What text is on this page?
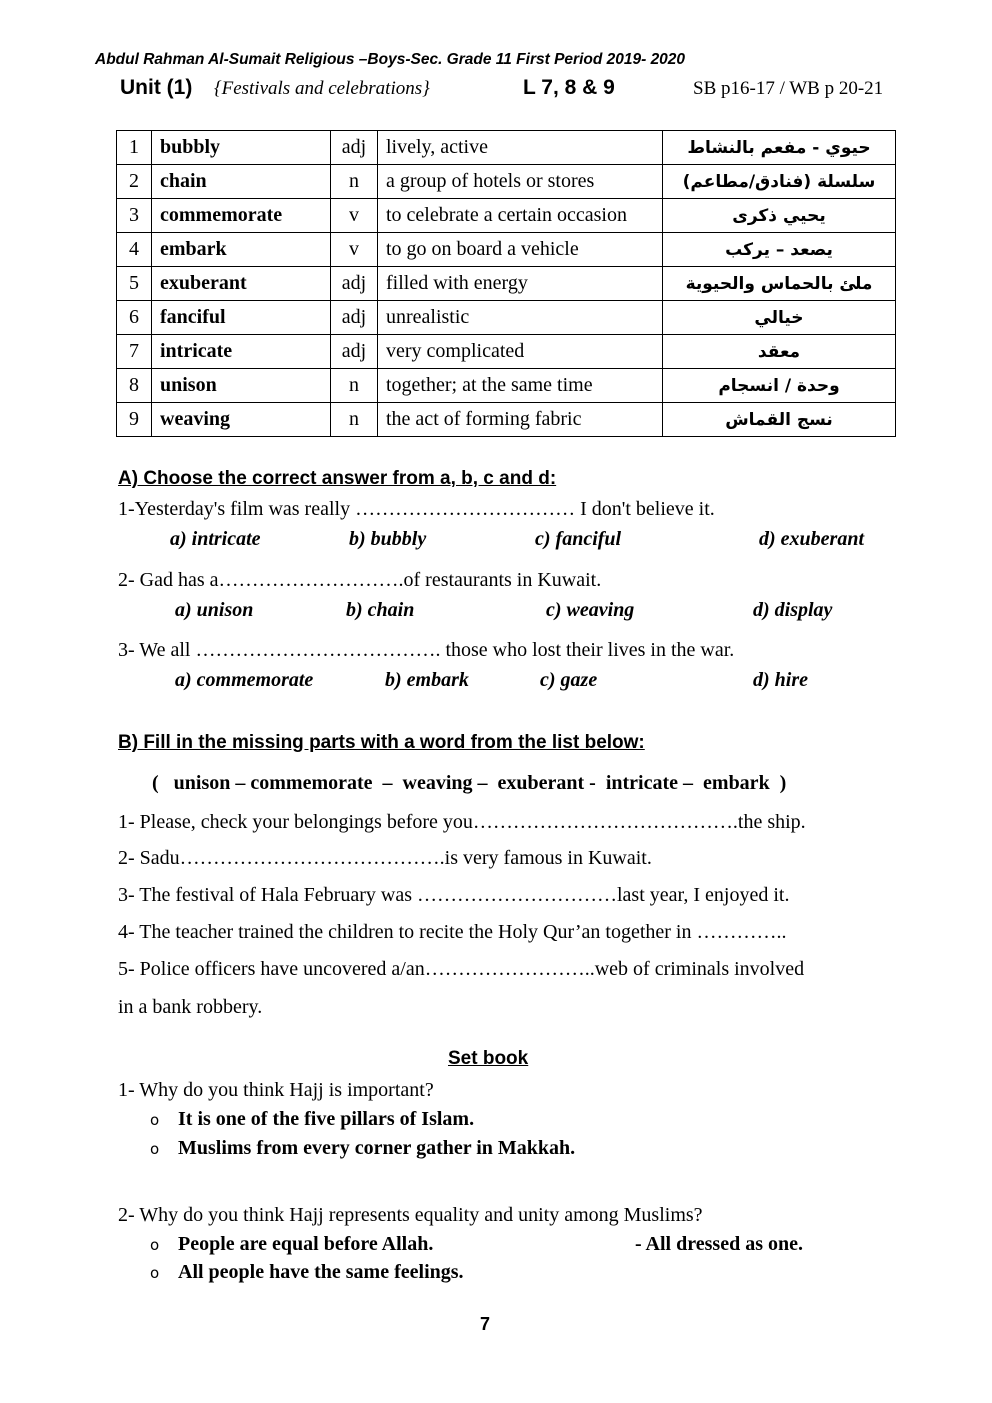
Abdul Rahman Al-Sumait Religious –Boys-Sec. Grade 11 First Period 2019- 2020
Unit (1) {Festivals and celebrations}	L 7, 8 & 9	SB p16-17 / WB p 20-21
1	bubbly	adj	lively, active	حيوي - مفعم بالنشاط
2	chain	n	a group of hotels or stores	سلسلة (فنادق/مطاعم)
3	commemorate	v	to celebrate a certain occasion	يحيي ذكرى
4	embark	v	to go on board a vehicle	يصعد – يركب
5	exuberant	adj	filled with energy	ملئ بالحماس والحيوية
6	fanciful	adj	unrealistic	خيالي
7	intricate	adj	very complicated	معقد
8	unison	n	together; at the same time	وحدة / انسجام
9	weaving	n	the act of forming fabric	نسج القماش
A) Choose the correct answer from a, b, c and d:
1-Yesterday's film was really …………………………… I don't believe it.
a) intricate	b) bubbly	c) fanciful	d) exuberant
2- Gad has a……………………….of restaurants in Kuwait.
a) unison	b) chain	c) weaving	d) display
3- We all ………………………………. those who lost their lives in the war.
a) commemorate	b) embark	c) gaze	d) hire
B) Fill in the missing parts with a word from the list below:
(   unison – commemorate  –  weaving –  exuberant -  intricate –  embark  )
1- Please, check your belongings before you………………………………….the ship.
2- Sadu………………………………….is very famous in Kuwait.
3- The festival of Hala February was …………………………last year, I enjoyed it.
4- The teacher trained the children to recite the Holy Qur’an together in …………..
5- Police officers have uncovered a/an……………………..web of criminals involved
in a bank robbery.
Set book
1- Why do you think Hajj is important?
o It is one of the five pillars of Islam.
o Muslims from every corner gather in Makkah.
2- Why do you think Hajj represents equality and unity among Muslims?
o People are equal before Allah.	- All dressed as one.
o All people have the same feelings.
7
